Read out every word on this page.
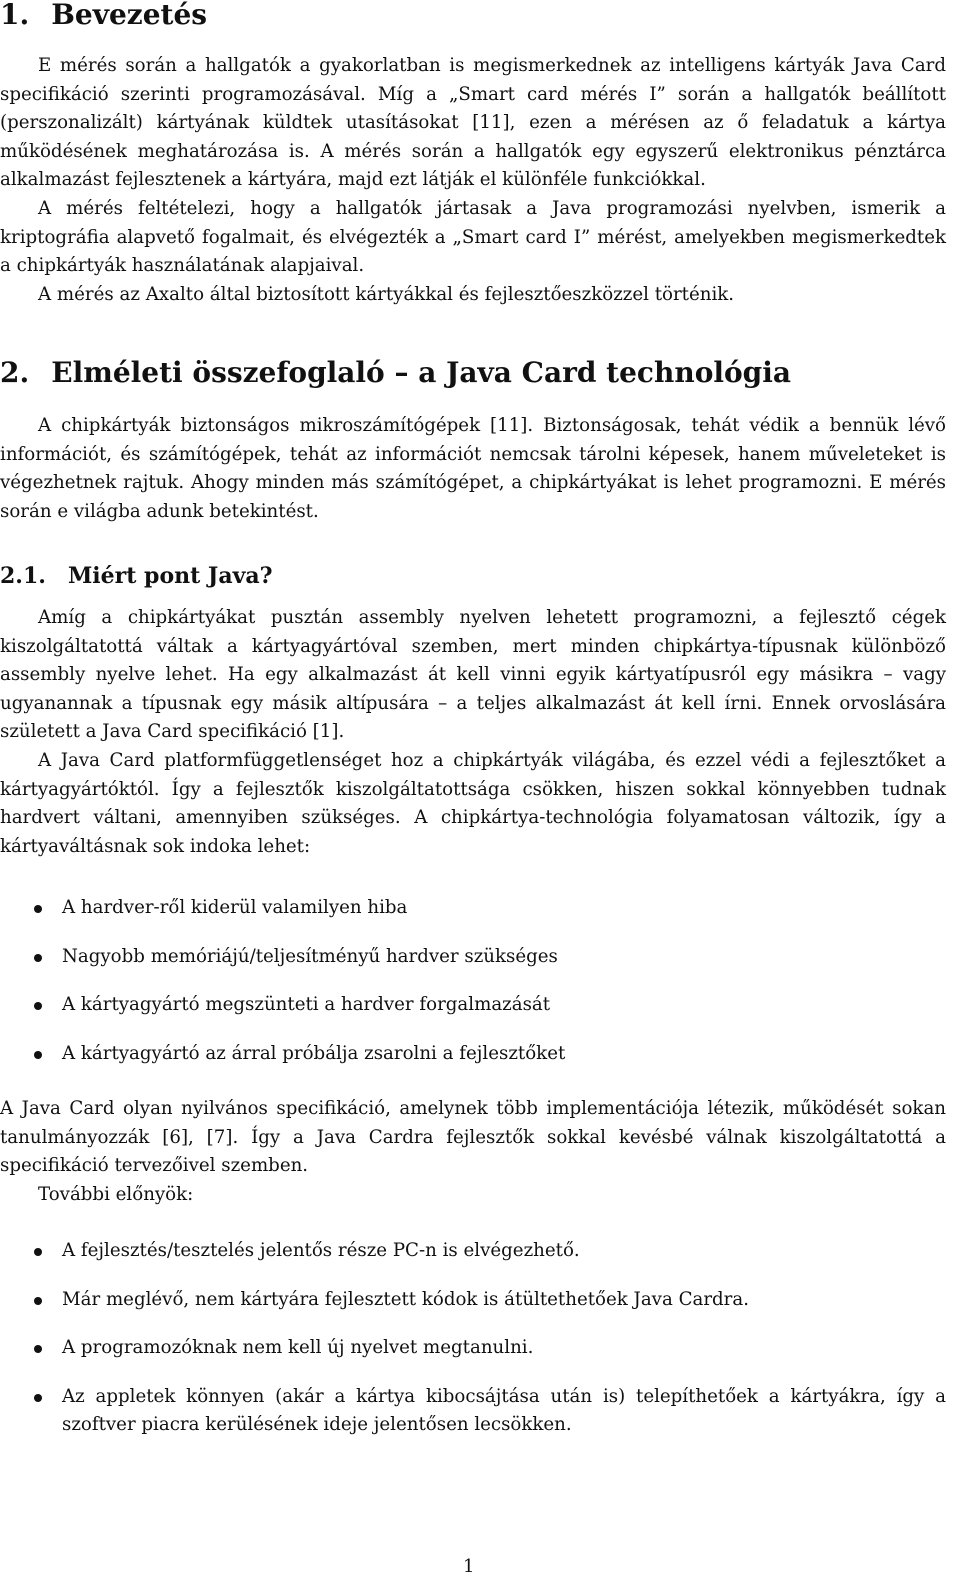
1. Bevezetés

E mérés során a hallgatók a gyakorlatban is megismerkednek az intelligens kártyák Java Card specifikáció szerinti programozásával. Míg a „Smart card mérés I” során a hallgatók beállított (perszonalizált) kártyának küldtek utasításokat [11], ezen a mérésen az ő feladatuk a kártya működésének meghatározása is. A mérés során a hallgatók egy egyszerű elektronikus pénztárca alkalmazást fejlesztenek a kártyára, majd ezt látják el különféle funkciókkal.

A mérés feltételezi, hogy a hallgatók jártasak a Java programozási nyelvben, ismerik a kriptográfia alapvető fogalmait, és elvégezték a „Smart card I” mérést, amelyekben megismerkedtek a chipkártyák használatának alapjaival.

A mérés az Axalto által biztosított kártyákkal és fejlesztőeszközzel történik.

2. Elméleti összefoglaló – a Java Card technológia

A chipkártyák biztonságos mikroszámítógépek [11]. Biztonságosak, tehát védik a bennük lévő információt, és számítógépek, tehát az információt nemcsak tárolni képesek, hanem műveleteket is végezhetnek rajtuk. Ahogy minden más számítógépet, a chipkártyákat is lehet programozni. E mérés során e világba adunk betekintést.

2.1. Miért pont Java?

Amíg a chipkártyákat pusztán assembly nyelven lehetett programozni, a fejlesztő cégek kiszolgáltatottá váltak a kártyagyártóval szemben, mert minden chipkártya-típusnak különböző assembly nyelve lehet. Ha egy alkalmazást át kell vinni egyik kártyatípusról egy másikra – vagy ugyanannak a típusnak egy másik altípusára – a teljes alkalmazást át kell írni. Ennek orvoslására született a Java Card specifikáció [1].

A Java Card platformfüggetlenséget hoz a chipkártyák világába, és ezzel védi a fejlesztőket a kártyagyártóktól. Így a fejlesztők kiszolgáltatottsága csökken, hiszen sokkal könnyebben tudnak hardvert váltani, amennyiben szükséges. A chipkártya-technológia folyamatosan változik, így a kártyaváltásnak sok indoka lehet:

A hardver-ről kiderül valamilyen hiba
Nagyobb memóriájú/teljesítményű hardver szükséges
A kártyagyártó megszünteti a hardver forgalmazását
A kártyagyártó az árral próbálja zsarolni a fejlesztőket

A Java Card olyan nyilvános specifikáció, amelynek több implementációja létezik, működését sokan tanulmányozzák [6], [7]. Így a Java Cardra fejlesztők sokkal kevésbé válnak kiszolgáltatottá a specifikáció tervezőivel szemben.

További előnyök:

A fejlesztés/tesztelés jelentős része PC-n is elvégezhető.
Már meglévő, nem kártyára fejlesztett kódok is átültethetőek Java Cardra.
A programozóknak nem kell új nyelvet megtanulni.
Az appletek könnyen (akár a kártya kibocsájtása után is) telepíthetőek a kártyákra, így a szoftver piacra kerülésének ideje jelentősen lecsökken.
1
